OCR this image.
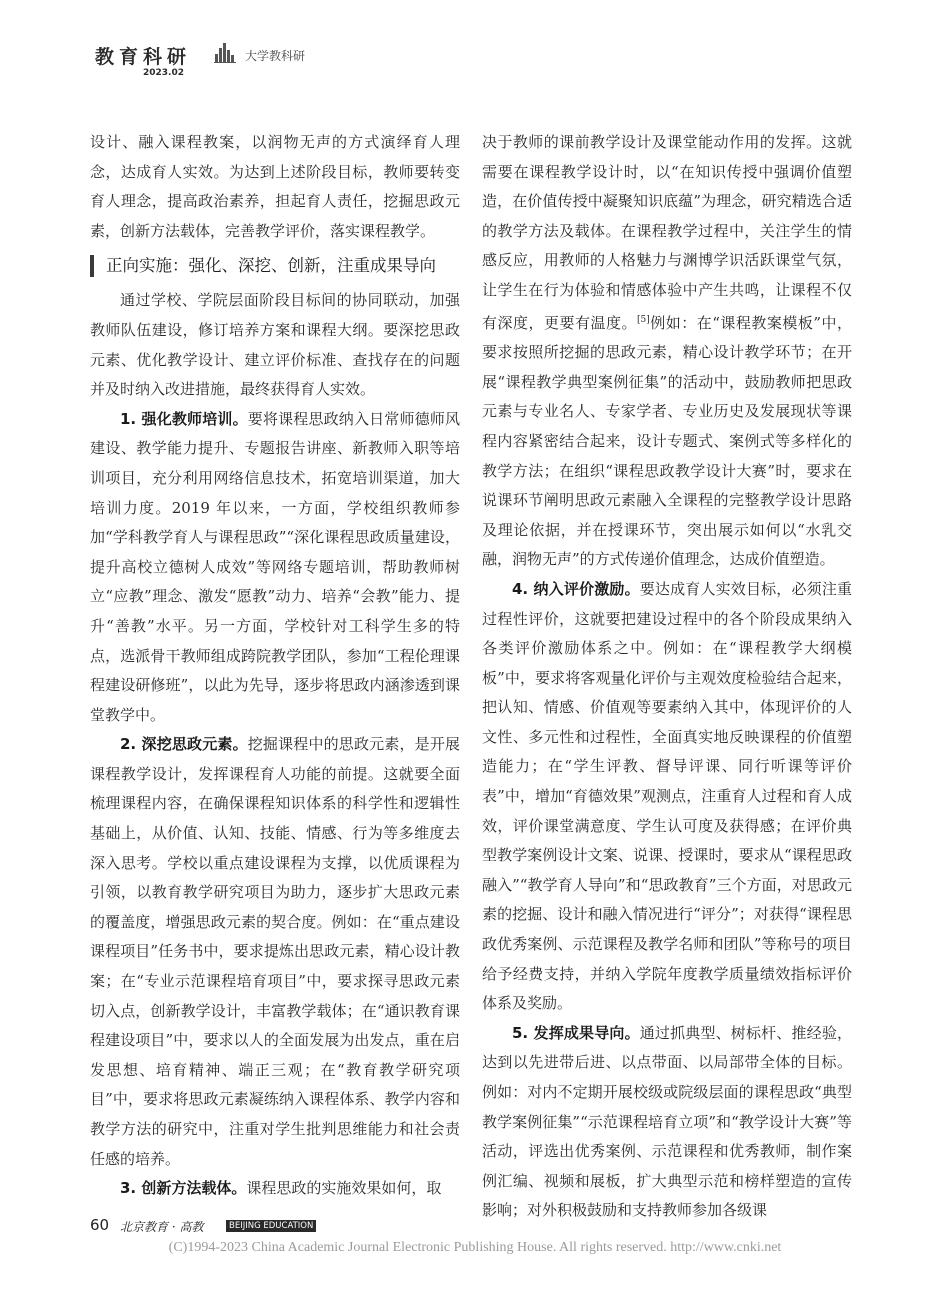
教育科研
2023.02
大学教科研

设计、融入课程教案，以润物无声的方式演绎育人理念，达成育人实效。为达到上述阶段目标，教师要转变育人理念，提高政治素养，担起育人责任，挖掘思政元素，创新方法载体，完善教学评价，落实课程教学。

正向实施：强化、深挖、创新，注重成果导向

通过学校、学院层面阶段目标间的协同联动，加强教师队伍建设，修订培养方案和课程大纲。要深挖思政元素、优化教学设计、建立评价标准、查找存在的问题并及时纳入改进措施，最终获得育人实效。

1. 强化教师培训。要将课程思政纳入日常师德师风建设、教学能力提升、专题报告讲座、新教师入职等培训项目，充分利用网络信息技术，拓宽培训渠道，加大培训力度。2019 年以来，一方面，学校组织教师参加“学科教学育人与课程思政”“深化课程思政质量建设，提升高校立德树人成效”等网络专题培训，帮助教师树立“应教”理念、激发“愿教”动力、培养“会教”能力、提升“善教”水平。另一方面，学校针对工科学生多的特点，选派骨干教师组成跨院教学团队，参加“工程伦理课程建设研修班”，以此为先导，逐步将思政内涵渗透到课堂教学中。

2. 深挖思政元素。挖掘课程中的思政元素，是开展课程教学设计，发挥课程育人功能的前提。这就要全面梳理课程内容，在确保课程知识体系的科学性和逻辑性基础上，从价值、认知、技能、情感、行为等多维度去深入思考。学校以重点建设课程为支撑，以优质课程为引领，以教育教学研究项目为助力，逐步扩大思政元素的覆盖度，增强思政元素的契合度。例如：在“重点建设课程项目”任务书中，要求提炼出思政元素，精心设计教案；在“专业示范课程培育项目”中，要求探寻思政元素切入点，创新教学设计，丰富教学载体；在“通识教育课程建设项目”中，要求以人的全面发展为出发点，重在启发思想、培育精神、端正三观；在“教育教学研究项目”中，要求将思政元素凝练纳入课程体系、教学内容和教学方法的研究中，注重对学生批判思维能力和社会责任感的培养。

3. 创新方法载体。课程思政的实施效果如何，取

决于教师的课前教学设计及课堂能动作用的发挥。这就需要在课程教学设计时，以“在知识传授中强调价值塑造，在价值传授中凝聚知识底蕴”为理念，研究精选合适的教学方法及载体。在课程教学过程中，关注学生的情感反应，用教师的人格魅力与渊博学识活跃课堂气氛，让学生在行为体验和情感体验中产生共鸣，让课程不仅有深度，更要有温度。[5]例如：在“课程教案模板”中，要求按照所挖掘的思政元素，精心设计教学环节；在开展“课程教学典型案例征集”的活动中，鼓励教师把思政元素与专业名人、专家学者、专业历史及发展现状等课程内容紧密结合起来，设计专题式、案例式等多样化的教学方法；在组织“课程思政教学设计大赛”时，要求在说课环节阐明思政元素融入全课程的完整教学设计思路及理论依据，并在授课环节，突出展示如何以“水乳交融，润物无声”的方式传递价值理念，达成价值塑造。

4. 纳入评价激励。要达成育人实效目标，必须注重过程性评价，这就要把建设过程中的各个阶段成果纳入各类评价激励体系之中。例如：在“课程教学大纲模板”中，要求将客观量化评价与主观效度检验结合起来，把认知、情感、价值观等要素纳入其中，体现评价的人文性、多元性和过程性，全面真实地反映课程的价值塑造能力；在“学生评教、督导评课、同行听课等评价表”中，增加“育德效果”观测点，注重育人过程和育人成效，评价课堂满意度、学生认可度及获得感；在评价典型教学案例设计文案、说课、授课时，要求从“课程思政融入”“教学育人导向”和“思政教育”三个方面，对思政元素的挖掘、设计和融入情况进行“评分”；对获得“课程思政优秀案例、示范课程及教学名师和团队”等称号的项目给予经费支持，并纳入学院年度教学质量绩效指标评价体系及奖励。

5. 发挥成果导向。通过抓典型、树标杆、推经验，达到以先进带后进、以点带面、以局部带全体的目标。例如：对内不定期开展校级或院级层面的课程思政“典型教学案例征集”“示范课程培育立项”和“教学设计大赛”等活动，评选出优秀案例、示范课程和优秀教师，制作案例汇编、视频和展板，扩大典型示范和榜样塑造的宣传影响；对外积极鼓励和支持教师参加各级课

60 北京教育 · 高教	BEIJING EDUCATION
(C)1994-2023 China Academic Journal Electronic Publishing House. All rights reserved. http://www.cnki.net
